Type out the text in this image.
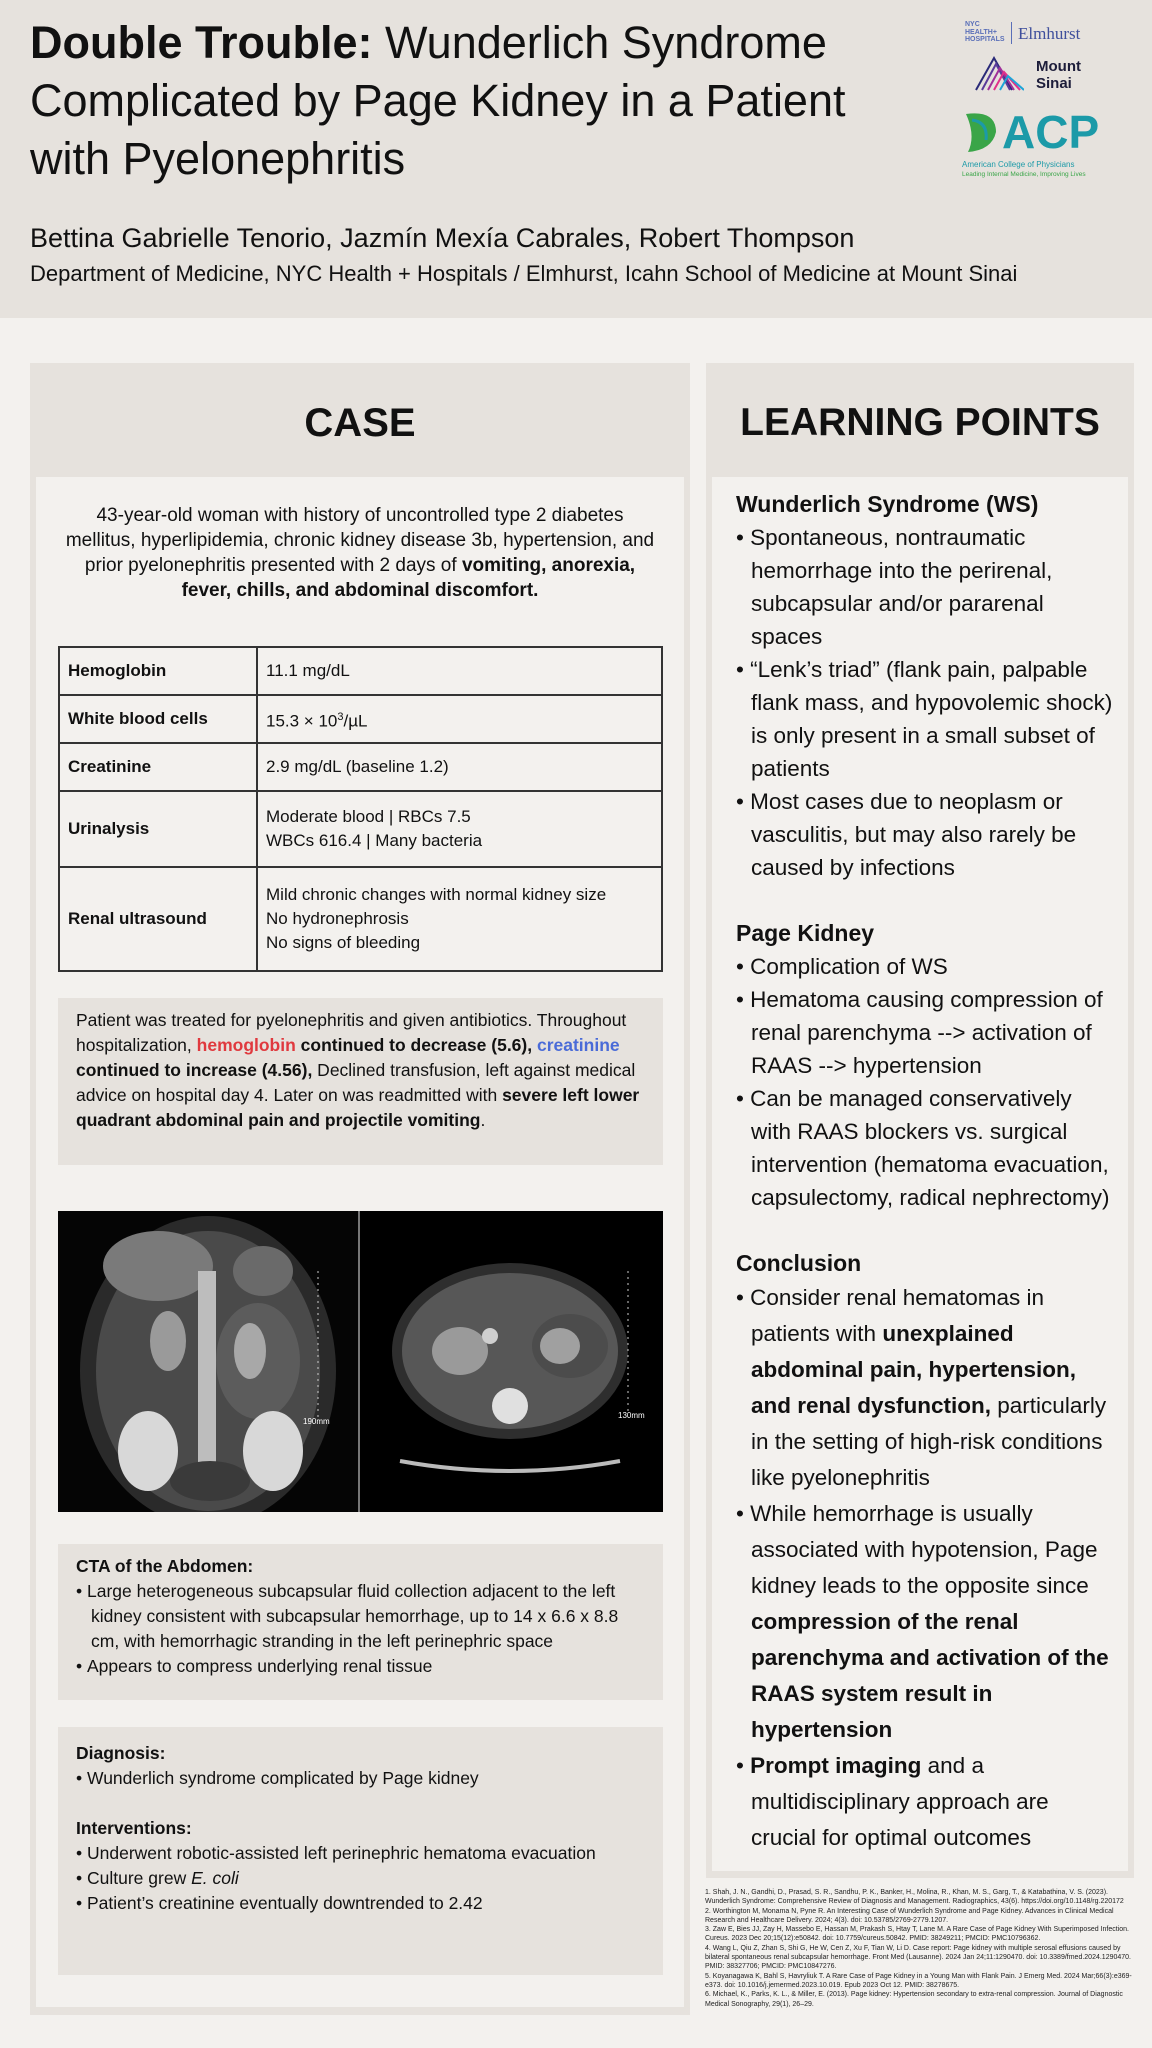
Double Trouble: Wunderlich Syndrome Complicated by Page Kidney in a Patient with Pyelonephritis
Bettina Gabrielle Tenorio, Jazmín Mexía Cabrales, Robert Thompson
Department of Medicine, NYC Health + Hospitals / Elmhurst, Icahn School of Medicine at Mount Sinai
NYC
HEALTH+
HOSPITALS Elmhurst
Mount
Sinai
ACP
American College of Physicians
Leading Internal Medicine, Improving Lives
CASE
43-year-old woman with history of uncontrolled type 2 diabetes mellitus, hyperlipidemia, chronic kidney disease 3b, hypertension, and prior pyelonephritis presented with 2 days of vomiting, anorexia, fever, chills, and abdominal discomfort.
Hemoglobin	11.1 mg/dL
White blood cells	$15.3 \times 10^3/\mu L$
Creatinine	2.9 mg/dL (baseline 1.2)
Urinalysis	Moderate blood | RBCs 7.5
WBCs 616.4 | Many bacteria

Renal ultrasound	Mild chronic changes with normal kidney size
No hydronephrosis
No signs of bleeding
Patient was treated for pyelonephritis and given antibiotics. Throughout hospitalization, hemoglobin continued to decrease (5.6), creatinine continued to increase (4.56), Declined transfusion, left against medical advice on hospital day 4. Later on was readmitted with severe left lower quadrant abdominal pain and projectile vomiting.
190mm
130mm
CTA of the Abdomen:
• Large heterogeneous subcapsular fluid collection adjacent to the left kidney consistent with subcapsular hemorrhage, up to 14 x 6.6 x 8.8 cm, with hemorrhagic stranding in the left perinephric space
• Appears to compress underlying renal tissue
Diagnosis:
• Wunderlich syndrome complicated by Page kidney
Interventions:
• Underwent robotic-assisted left perinephric hematoma evacuation
• Culture grew E. coli
• Patient’s creatinine eventually downtrended to 2.42
LEARNING POINTS
Wunderlich Syndrome (WS)
• Spontaneous, nontraumatic hemorrhage into the perirenal, subcapsular and/or pararenal spaces
• “Lenk’s triad” (flank pain, palpable flank mass, and hypovolemic shock) is only present in a small subset of patients
• Most cases due to neoplasm or vasculitis, but may also rarely be caused by infections
Page Kidney
• Complication of WS
• Hematoma causing compression of renal parenchyma --> activation of RAAS --> hypertension
• Can be managed conservatively with RAAS blockers vs. surgical intervention (hematoma evacuation, capsulectomy, radical nephrectomy)
Conclusion
• Consider renal hematomas in patients with unexplained abdominal pain, hypertension, and renal dysfunction, particularly in the setting of high-risk conditions like pyelonephritis
• While hemorrhage is usually associated with hypotension, Page kidney leads to the opposite since compression of the renal parenchyma and activation of the RAAS system result in hypertension
• Prompt imaging and a multidisciplinary approach are crucial for optimal outcomes
1. Shah, J. N., Gandhi, D., Prasad, S. R., Sandhu, P. K., Banker, H., Molina, R., Khan, M. S., Garg, T., & Katabathina, V. S. (2023). Wunderlich Syndrome: Comprehensive Review of Diagnosis and Management. Radiographics, 43(6). https://doi.org/10.1148/rg.220172
2. Worthington M, Monama N, Pyne R. An Interesting Case of Wunderlich Syndrome and Page Kidney. Advances in Clinical Medical Research and Healthcare Delivery. 2024; 4(3). doi: 10.53785/2769-2779.1207.
3. Zaw E, Bies JJ, Zay H, Massebo E, Hassan M, Prakash S, Htay T, Lane M. A Rare Case of Page Kidney With Superimposed Infection. Cureus. 2023 Dec 20;15(12):e50842. doi: 10.7759/cureus.50842. PMID: 38249211; PMCID: PMC10796362.
4. Wang L, Qiu Z, Zhan S, Shi G, He W, Cen Z, Xu F, Tian W, Li D. Case report: Page kidney with multiple serosal effusions caused by bilateral spontaneous renal subcapsular hemorrhage. Front Med (Lausanne). 2024 Jan 24;11:1290470. doi: 10.3389/fmed.2024.1290470. PMID: 38327706; PMCID: PMC10847276.
5. Koyanagawa K, Bahl S, Havryliuk T. A Rare Case of Page Kidney in a Young Man with Flank Pain. J Emerg Med. 2024 Mar;66(3):e369-e373. doi: 10.1016/j.jemermed.2023.10.019. Epub 2023 Oct 12. PMID: 38278675.
6. Michael, K., Parks, K. L., & Miller, E. (2013). Page kidney: Hypertension secondary to extra-renal compression. Journal of Diagnostic Medical Sonography, 29(1), 26–29.
